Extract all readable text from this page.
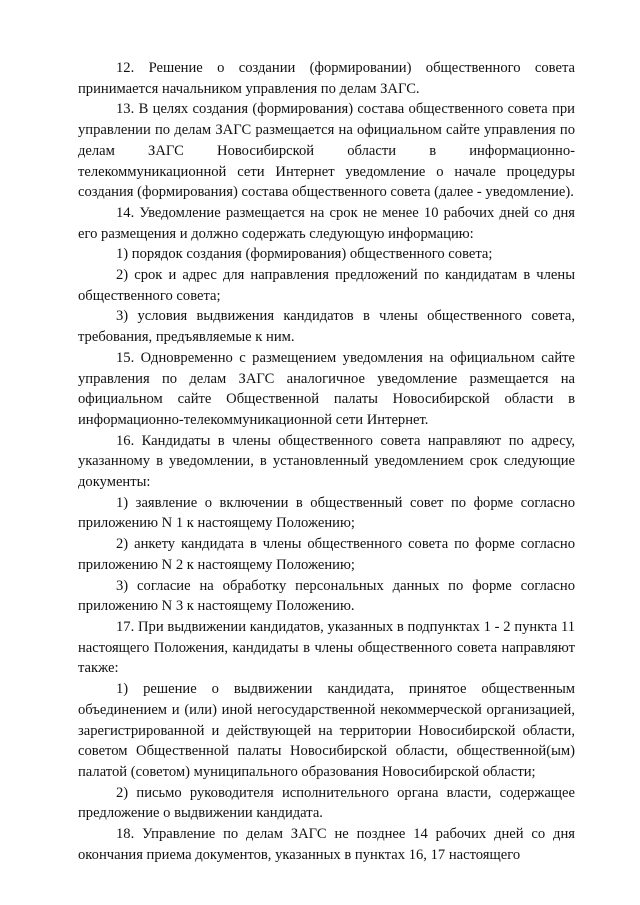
12. Решение о создании (формировании) общественного совета принимается начальником управления по делам ЗАГС.

13. В целях создания (формирования) состава общественного совета при управлении по делам ЗАГС размещается на официальном сайте управления по делам ЗАГС Новосибирской области в информационно-телекоммуникационной сети Интернет уведомление о начале процедуры создания (формирования) состава общественного совета (далее - уведомление).

14. Уведомление размещается на срок не менее 10 рабочих дней со дня его размещения и должно содержать следующую информацию:

1) порядок создания (формирования) общественного совета;

2) срок и адрес для направления предложений по кандидатам в члены общественного совета;

3) условия выдвижения кандидатов в члены общественного совета, требования, предъявляемые к ним.

15. Одновременно с размещением уведомления на официальном сайте управления по делам ЗАГС аналогичное уведомление размещается на официальном сайте Общественной палаты Новосибирской области в информационно-телекоммуникационной сети Интернет.

16. Кандидаты в члены общественного совета направляют по адресу, указанному в уведомлении, в установленный уведомлением срок следующие документы:

1) заявление о включении в общественный совет по форме согласно приложению N 1 к настоящему Положению;

2) анкету кандидата в члены общественного совета по форме согласно приложению N 2 к настоящему Положению;

3) согласие на обработку персональных данных по форме согласно приложению N 3 к настоящему Положению.

17. При выдвижении кандидатов, указанных в подпунктах 1 - 2 пункта 11 настоящего Положения, кандидаты в члены общественного совета направляют также:

1) решение о выдвижении кандидата, принятое общественным объединением и (или) иной негосударственной некоммерческой организацией, зарегистрированной и действующей на территории Новосибирской области, советом Общественной палаты Новосибирской области, общественной(ым) палатой (советом) муниципального образования Новосибирской области;

2) письмо руководителя исполнительного органа власти, содержащее предложение о выдвижении кандидата.

18. Управление по делам ЗАГС не позднее 14 рабочих дней со дня окончания приема документов, указанных в пунктах 16, 17 настоящего
